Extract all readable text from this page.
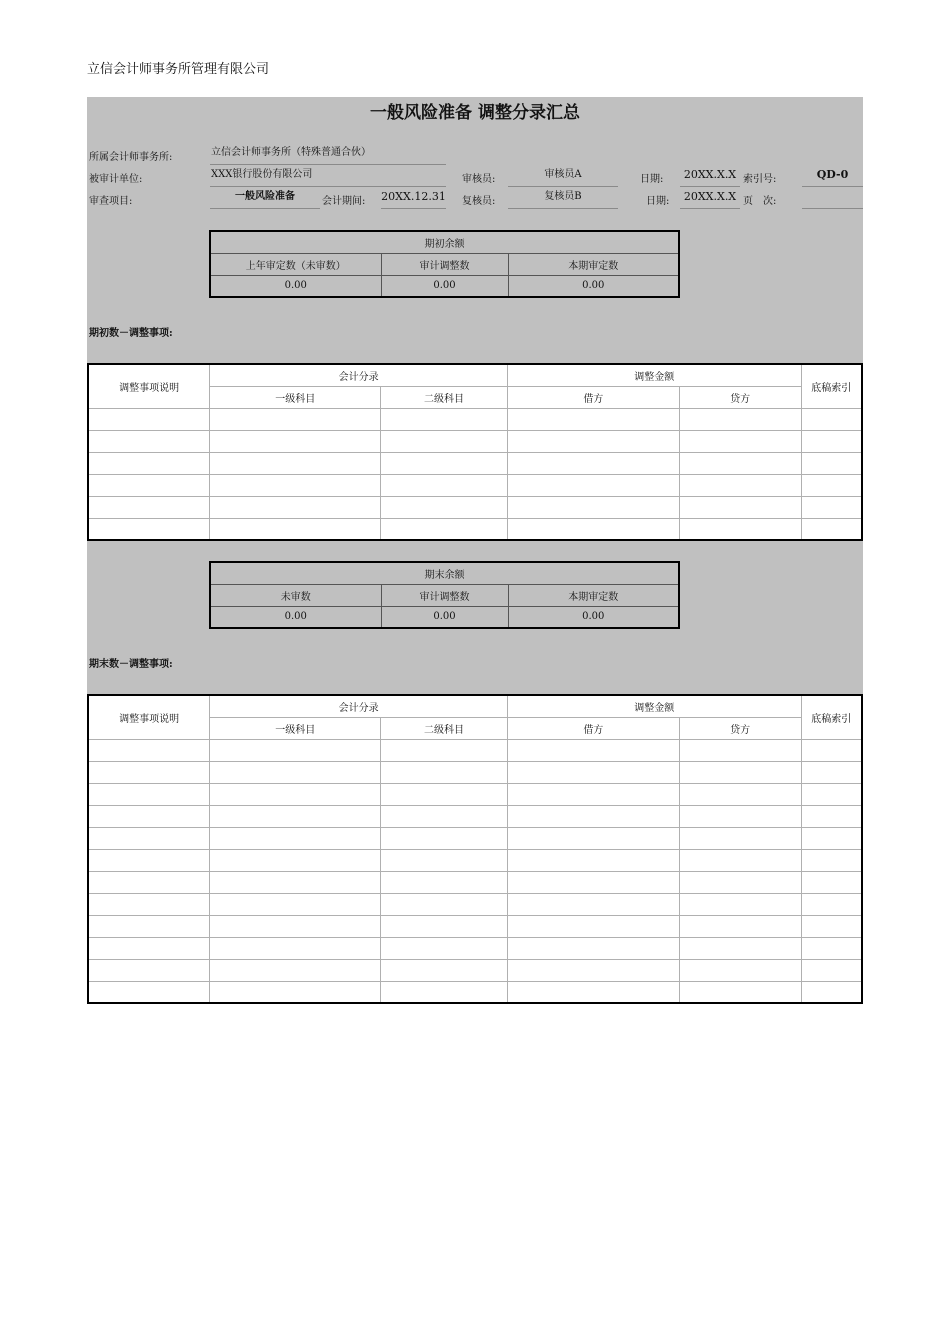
立信会计师事务所管理有限公司
一般风险准备 调整分录汇总
所属会计师事务所:	立信会计师事务所（特殊普通合伙）
被审计单位:	XXX银行股份有限公司
审查项目:	一般风险准备	会计期间: 20XX.12.31
审核员:	审核员A
复核员:	复核员B
日期:	20XX.X.X
日期:	20XX.X.X
索引号:	QD-0
页　次:
期初余额		
上年审定数（未审数）	审计调整数	本期审定数
0.00	0.00	0.00
期初数－调整事项:
调整事项说明	会计分录		调整金额		底稿索引
	一级科目	二级科目	借方	贷方	

期末余额		
未审数	审计调整数	本期审定数
0.00	0.00	0.00
期末数－调整事项:
调整事项说明	会计分录		调整金额		底稿索引
	一级科目	二级科目	借方	贷方	
